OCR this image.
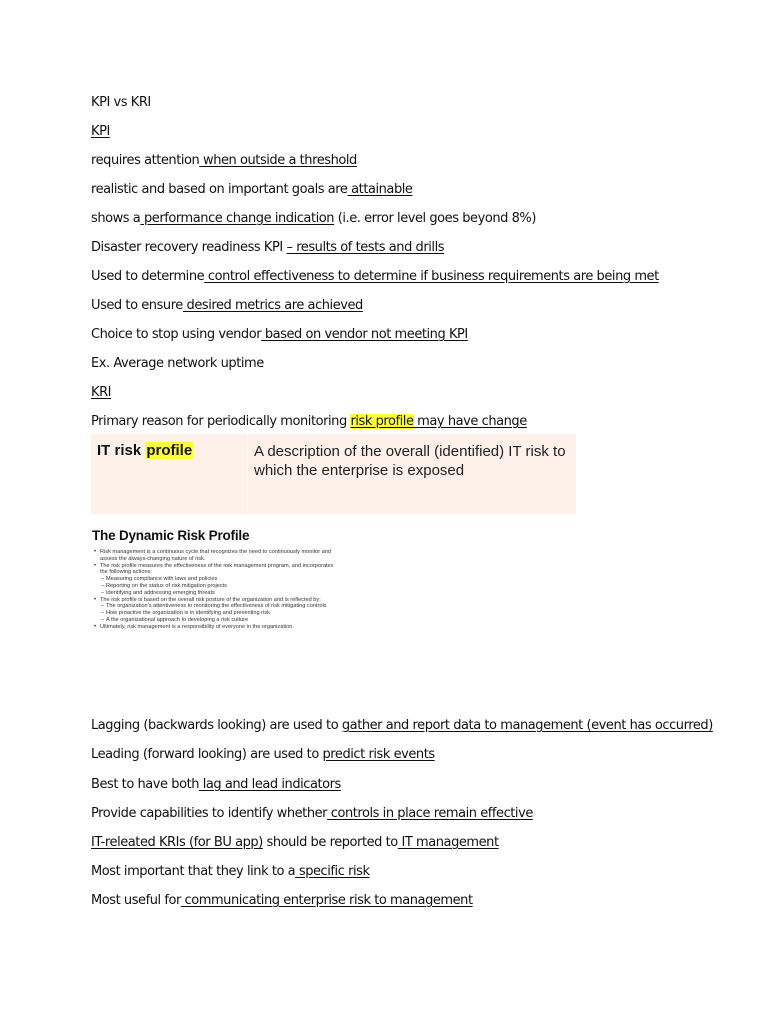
KPI vs KRI
KPI
requires attention when outside a threshold
realistic and based on important goals are attainable
shows a performance change indication (i.e. error level goes beyond 8%)
Disaster recovery readiness KPI – results of tests and drills
Used to determine control effectiveness to determine if business requirements are being met
Used to ensure desired metrics are achieved
Choice to stop using vendor based on vendor not meeting KPI
Ex. Average network uptime
KRI
Primary reason for periodically monitoring risk profile may have change
IT risk profile	A description of the overall (identified) IT risk to which the enterprise is exposed
The Dynamic Risk Profile
• Risk management is a continuous cycle that recognizes the need to continuously monitor and assess the always-changing nature of risk.
• The risk profile measures the effectiveness of the risk management program, and incorporates the following actions:
– Measuring compliance with laws and policies
– Reporting on the status of risk mitigation projects
– Identifying and addressing emerging threats
• The risk profile is based on the overall risk posture of the organization and is reflected by:
– The organization's attentiveness to monitoring the effectiveness of risk mitigating controls
– How proactive the organization is in identifying and preventing risk
– A the organizational approach to developing a risk culture
• Ultimately, risk management is a responsibility of everyone in the organization.
Lagging (backwards looking) are used to gather and report data to management (event has occurred)
Leading (forward looking) are used to predict risk events
Best to have both lag and lead indicators
Provide capabilities to identify whether controls in place remain effective
IT-releated KRIs (for BU app) should be reported to IT management
Most important that they link to a specific risk
Most useful for communicating enterprise risk to management
